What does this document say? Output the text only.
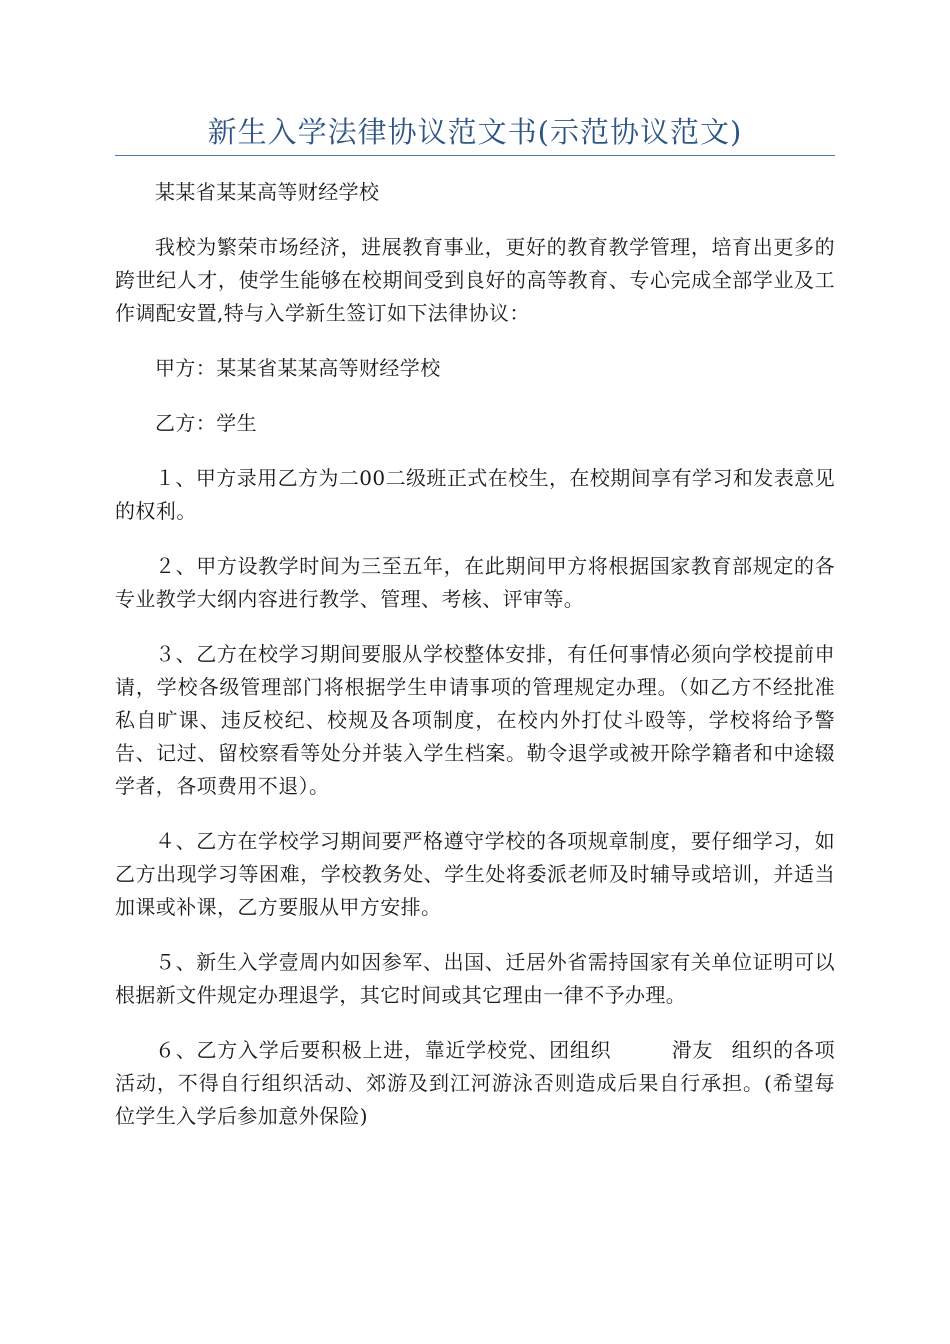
新生入学法律协议范文书(示范协议范文)

某某省某某高等财经学校

我校为繁荣市场经济，进展教育事业，更好的教育教学管理，培育出更多的跨世纪人才，使学生能够在校期间受到良好的高等教育、专心完成全部学业及工作调配安置,特与入学新生签订如下法律协议：

甲方：某某省某某高等财经学校

乙方：学生

１、甲方录用乙方为二00二级班正式在校生，在校期间享有学习和发表意见的权利。

２、甲方设教学时间为三至五年，在此期间甲方将根据国家教育部规定的各专业教学大纲内容进行教学、管理、考核、评审等。

３、乙方在校学习期间要服从学校整体安排，有任何事情必须向学校提前申请，学校各级管理部门将根据学生申请事项的管理规定办理。（如乙方不经批准私自旷课、违反校纪、校规及各项制度，在校内外打仗斗殴等，学校将给予警告、记过、留校察看等处分并装入学生档案。勒令退学或被开除学籍者和中途辍学者，各项费用不退）。

４、乙方在学校学习期间要严格遵守学校的各项规章制度，要仔细学习，如乙方出现学习等困难，学校教务处、学生处将委派老师及时辅导或培训，并适当加课或补课，乙方要服从甲方安排。

５、新生入学壹周内如因参军、出国、迁居外省需持国家有关单位证明可以根据新文件规定办理退学，其它时间或其它理由一律不予办理。

６、乙方入学后要积极上进，靠近学校党、团组织	滑友 组织的各项活动，不得自行组织活动、郊游及到江河游泳否则造成后果自行承担。(希望每位学生入学后参加意外保险)
